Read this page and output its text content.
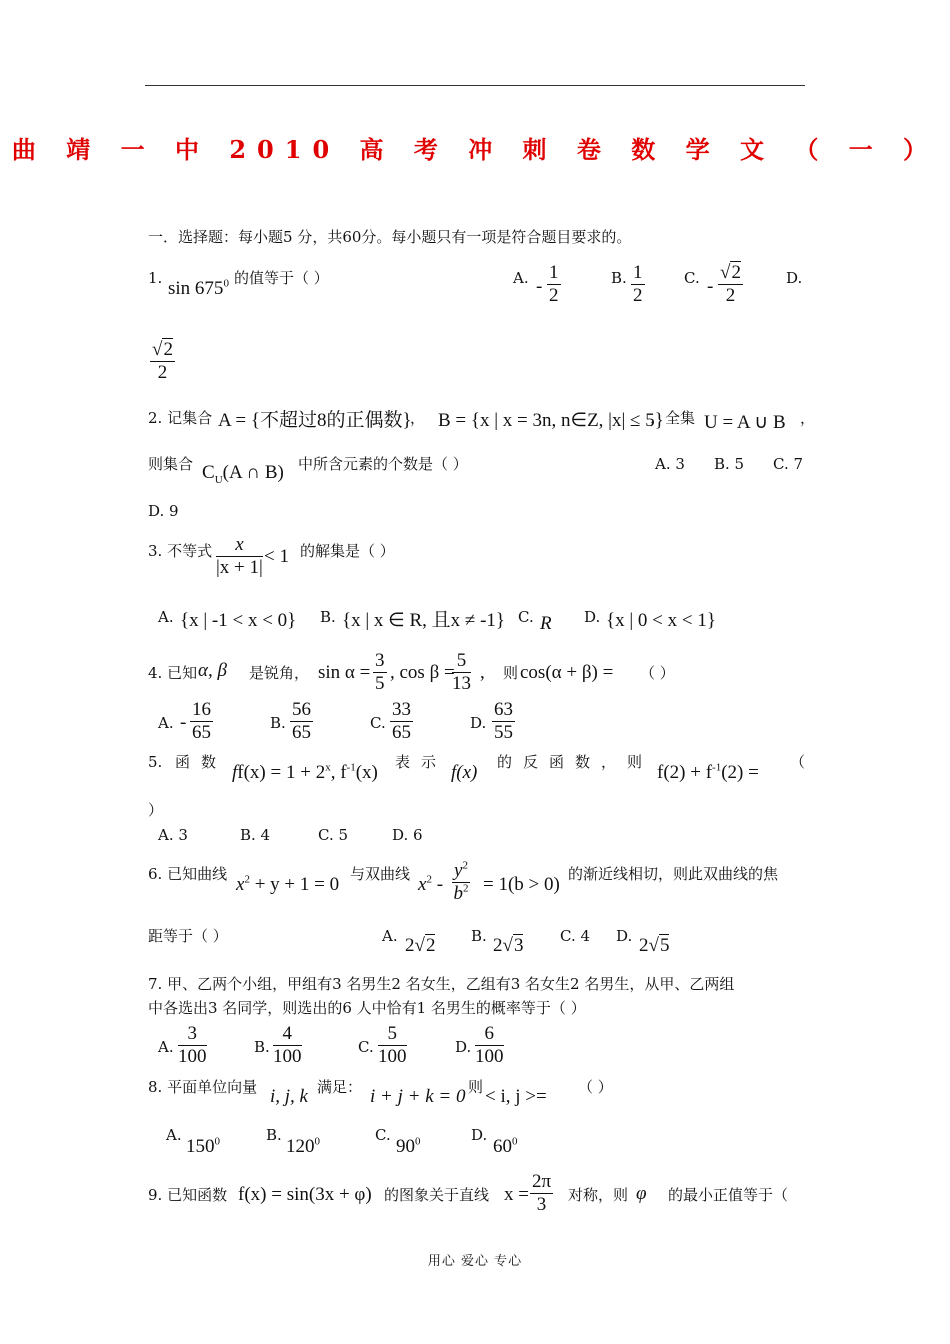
曲 靖 一 中 2010 高 考 冲 刺 卷 数 学 文 （ 一 ）
一．选择题：每小题5 分，共60分。每小题只有一项是符合题目要求的。
1. $\sin 675^0$ 的值等于（ ）	A. - $\frac{1}{2}$	B. $\frac{1}{2}$	C. - $\frac{√2}{2}$	D.
$\frac{√2}{2}$
2. 记集合 A = {不超过8的正偶数}
， B = {x | x = 3n, n∈Z, |x| ≤ 5}
，全集 U = A ∪ B ，
则集合 $C_U(A$ ∩ B) 中所含元素的个数是（ ）	A. 3 B. 5 C. 7
D. 9
3. 不等式 $\frac{x}{|x + 1|} < 1$ 的解集是（ ）
A. {x | -1 < x < 0} B. {x | x ∈ R, 且x ≠ -1} C. R D. {x | 0 < x < 1}
4. 已知 α, β 是锐角， $\sin \alpha = \frac{3}{5}$ , cos β =
$\frac{5}{13}$ , 则 cos(α + β) = （ ）
A. - $\frac{16}{65}$	B. $\frac{56}{65}$	C. $\frac{33}{65}$	D. $\frac{63}{55}$
5. 函 数 $ff(x) = 1 + 2^x$, $f^{-1}(x)$ 表 示 f(x) 的 反 函 数 ， 则 $f(2) + f^{-1}(2)$ = （
）
A. 3	B. 4	C. 5	D. 6
6. 已知曲线 $x^2 + y + 1 = 0$ 与双曲线 $x^2 - \frac{y^2}{b^2} = 1(b > 0)$ 的渐近线相切，则此双曲线的焦
距等于（ ）	A. 2√2 B. 2√3 C. 4 D. 2√5
7. 甲、乙两个小组，甲组有3 名男生2 名女生，乙组有3 名女生2 名男生，从甲、乙两组
中各选出3 名同学，则选出的6 人中恰有1 名男生的概率等于（ ）
A. $\frac{3}{100}$	B. $\frac{4}{100}$	C. $\frac{5}{100}$	D. $\frac{6}{100}$
8. 平面单位向量 i, j, k 满足： i + j + k = 0 则 < i, j >= （ ）
A.
$150^0$	B.
$120^0$	C.
$90^0$	D.
$60^0$
9. 已知函数 f(x) = sin(3x + φ) 的图象关于直线 $x = \frac{2\pi}{3}$ 对称，则 φ 的最小正值等于（
用心 爱心 专心
